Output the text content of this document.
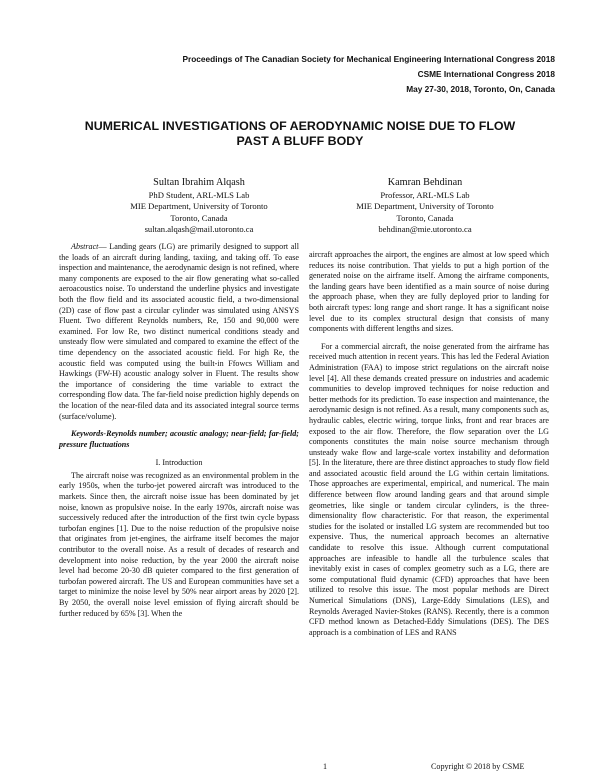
Proceedings of The Canadian Society for Mechanical Engineering International Congress 2018
CSME International Congress 2018
May 27-30, 2018, Toronto, On, Canada
NUMERICAL INVESTIGATIONS OF AERODYNAMIC NOISE DUE TO FLOW
PAST A BLUFF BODY
Sultan Ibrahim Alqash
PhD Student, ARL-MLS Lab
MIE Department, University of Toronto
Toronto, Canada
sultan.alqash@mail.utoronto.ca
Kamran Behdinan
Professor, ARL-MLS Lab
MIE Department, University of Toronto
Toronto, Canada
behdinan@mie.utoronto.ca

Abstract— Landing gears (LG) are primarily designed to support all the loads of an aircraft during landing, taxiing, and taking off. To ease inspection and maintenance, the aerodynamic design is not refined, where many components are exposed to the air flow generating what so-called aeroacoustics noise. To understand the underline physics and investigate both the flow field and its associated acoustic field, a two-dimensional (2D) case of flow past a circular cylinder was simulated using ANSYS Fluent. Two different Reynolds numbers, Re, 150 and 90,000 were examined. For low Re, two distinct numerical conditions steady and unsteady flow were simulated and compared to examine the effect of the time dependency on the associated acoustic field. For high Re, the acoustic field was computed using the built-in Ffowcs William and Hawkings (FW-H) acoustic analogy solver in Fluent. The results show the importance of considering the time variable to extract the corresponding flow data. The far-field noise prediction highly depends on the location of the near-filed data and its associated integral source terms (surface/volume).

Keywords-Reynolds number; acoustic analogy; near-field; far-field; pressure fluctuations

I. Introduction

The aircraft noise was recognized as an environmental problem in the early 1950s, when the turbo-jet powered aircraft was introduced to the markets. Since then, the aircraft noise issue has been dominated by jet noise, known as propulsive noise. In the early 1970s, aircraft noise was successively reduced after the introduction of the first twin cycle bypass turbofan engines [1]. Due to the noise reduction of the propulsive noise that originates from jet-engines, the airframe itself becomes the major contributor to the overall noise. As a result of decades of research and development into noise reduction, by the year 2000 the aircraft noise level had become 20-30 dB quieter compared to the first generation of turbofan powered aircraft. The US and European communities have set a target to minimize the noise level by 50% near airport areas by 2020 [2]. By 2050, the overall noise level emission of flying aircraft should be further reduced by 65% [3]. When the

aircraft approaches the airport, the engines are almost at low speed which reduces its noise contribution. That yields to put a high portion of the generated noise on the airframe itself. Among the airframe components, the landing gears have been identified as a main source of noise during the approach phase, when they are fully deployed prior to landing for both aircraft types: long range and short range. It has a significant noise level due to its complex structural design that consists of many components with different lengths and sizes.

For a commercial aircraft, the noise generated from the airframe has received much attention in recent years. This has led the Federal Aviation Administration (FAA) to impose strict regulations on the aircraft noise level [4]. All these demands created pressure on industries and academic communities to develop improved techniques for noise reduction and better methods for its prediction. To ease inspection and maintenance, the aerodynamic design is not refined. As a result, many components such as, hydraulic cables, electric wiring, torque links, front and rear braces are exposed to the air flow. Therefore, the flow separation over the LG components constitutes the main noise source mechanism through unsteady wake flow and large-scale vortex instability and deformation [5]. In the literature, there are three distinct approaches to study flow field and associated acoustic field around the LG within certain limitations. Those approaches are experimental, empirical, and numerical. The main difference between flow around landing gears and that around simple geometries, like single or tandem circular cylinders, is the three-dimensionality flow characteristic. For that reason, the experimental studies for the isolated or installed LG system are recommended but too expensive. Thus, the numerical approach becomes an alternative candidate to resolve this issue. Although current computational approaches are infeasible to handle all the turbulence scales that inevitably exist in cases of complex geometry such as a LG, there are some computational fluid dynamic (CFD) approaches that have been utilized to resolve this issue. The most popular methods are Direct Numerical Simulations (DNS), Large-Eddy Simulations (LES), and Reynolds Averaged Navier-Stokes (RANS). Recently, there is a common CFD method known as Detached-Eddy Simulations (DES). The DES approach is a combination of LES and RANS

1	Copyright © 2018 by CSME
